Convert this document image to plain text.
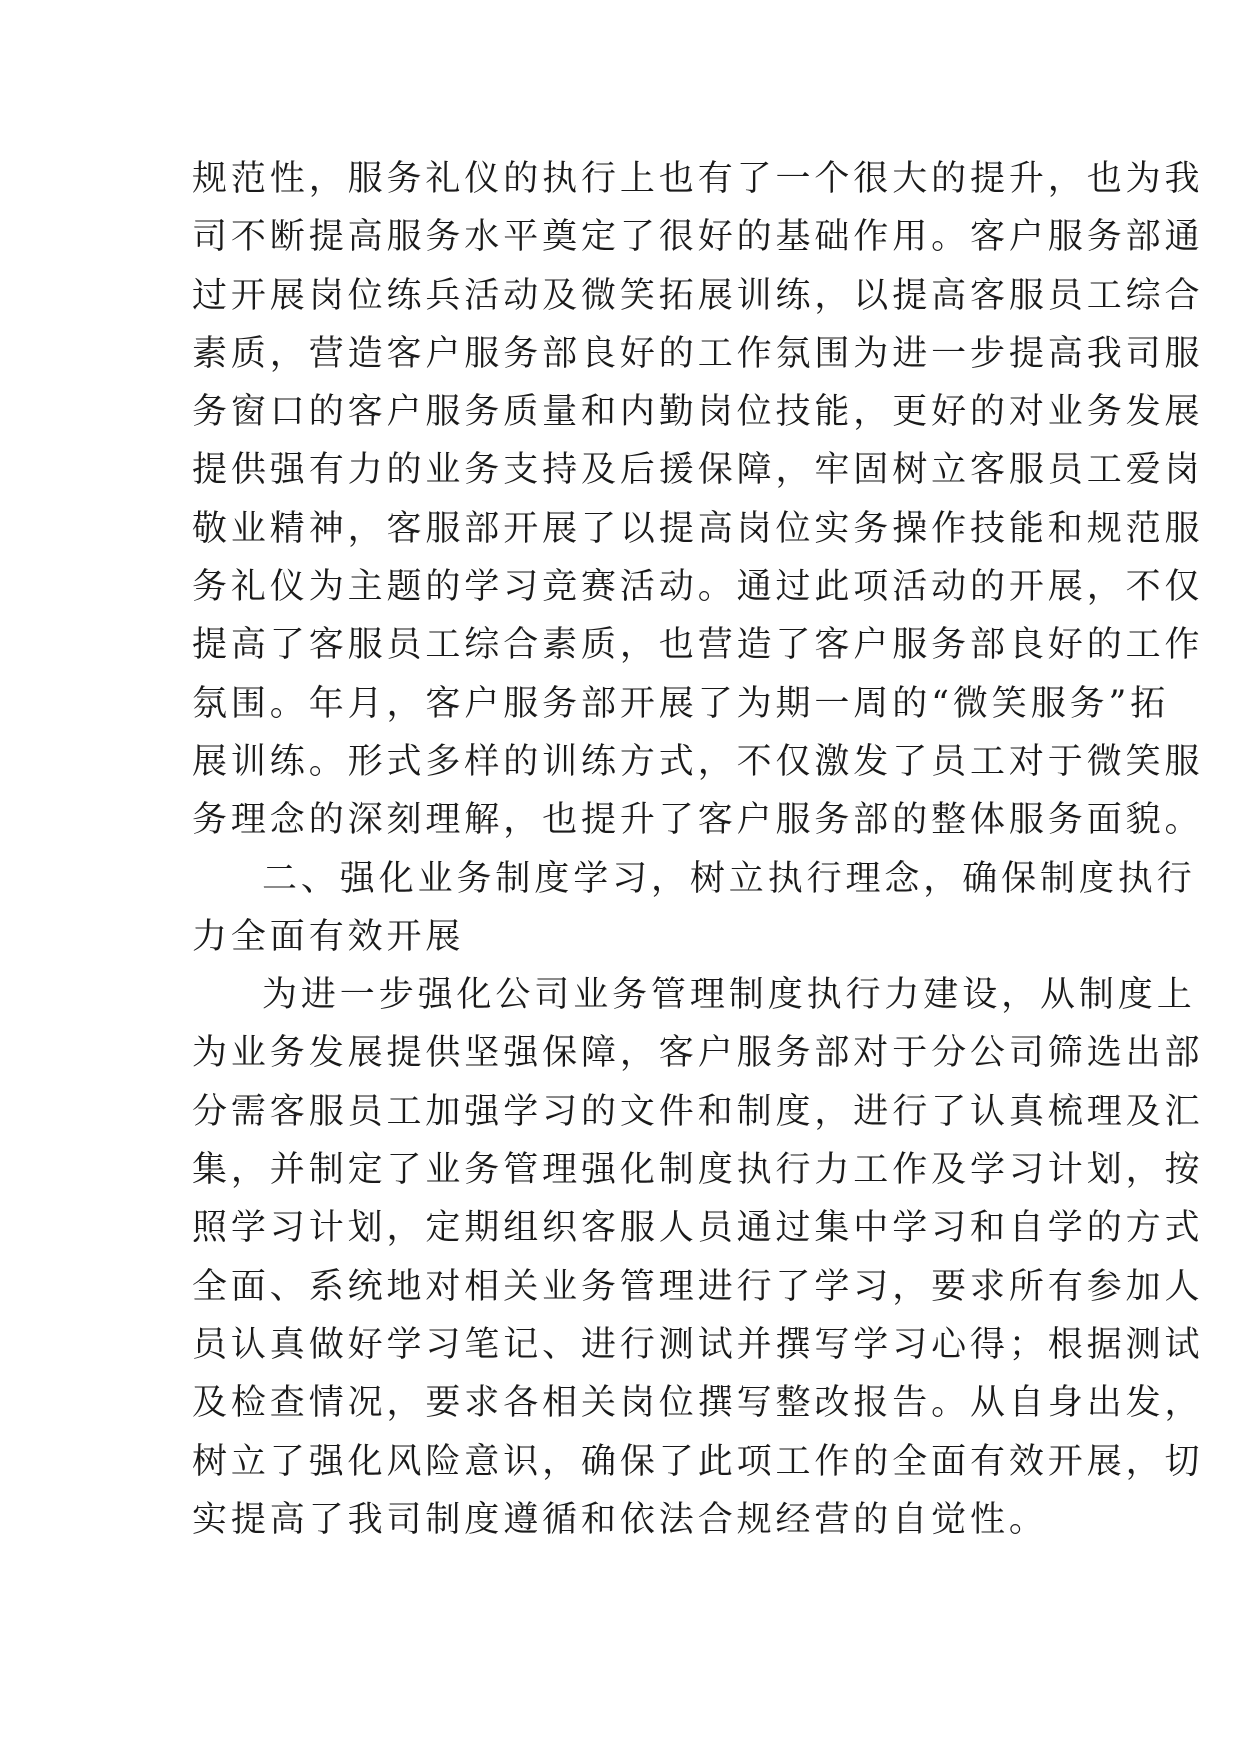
规范性，服务礼仪的执行上也有了一个很大的提升，也为我
司不断提高服务水平奠定了很好的基础作用。客户服务部通
过开展岗位练兵活动及微笑拓展训练，以提高客服员工综合
素质，营造客户服务部良好的工作氛围为进一步提高我司服
务窗口的客户服务质量和内勤岗位技能，更好的对业务发展
提供强有力的业务支持及后援保障，牢固树立客服员工爱岗
敬业精神，客服部开展了以提高岗位实务操作技能和规范服
务礼仪为主题的学习竞赛活动。通过此项活动的开展，不仅
提高了客服员工综合素质，也营造了客户服务部良好的工作
氛围。年月，客户服务部开展了为期一周的“微笑服务”拓
展训练。形式多样的训练方式，不仅激发了员工对于微笑服
务理念的深刻理解，也提升了客户服务部的整体服务面貌。
二、强化业务制度学习，树立执行理念，确保制度执行
力全面有效开展
为进一步强化公司业务管理制度执行力建设，从制度上
为业务发展提供坚强保障，客户服务部对于分公司筛选出部
分需客服员工加强学习的文件和制度，进行了认真梳理及汇
集，并制定了业务管理强化制度执行力工作及学习计划，按
照学习计划，定期组织客服人员通过集中学习和自学的方式
全面、系统地对相关业务管理进行了学习，要求所有参加人
员认真做好学习笔记、进行测试并撰写学习心得；根据测试
及检查情况，要求各相关岗位撰写整改报告。从自身出发，
树立了强化风险意识，确保了此项工作的全面有效开展，切
实提高了我司制度遵循和依法合规经营的自觉性。
